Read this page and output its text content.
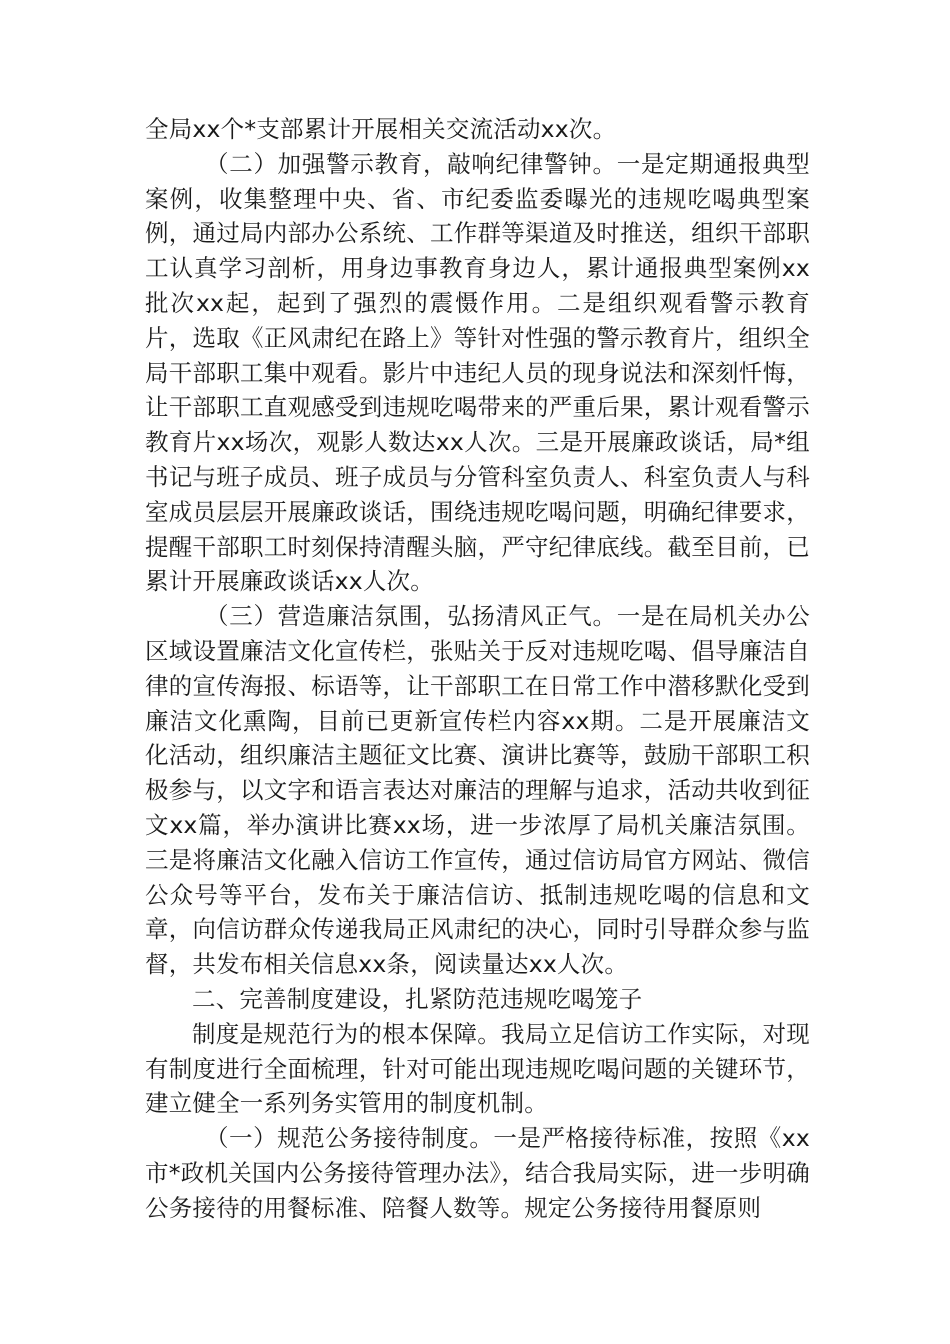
全局xx个*支部累计开展相关交流活动xx次。

（二）加强警示教育，敲响纪律警钟。一是定期通报典型案例，收集整理中央、省、市纪委监委曝光的违规吃喝典型案例，通过局内部办公系统、工作群等渠道及时推送，组织干部职工认真学习剖析，用身边事教育身边人，累计通报典型案例xx批次xx起，起到了强烈的震慑作用。二是组织观看警示教育片，选取《正风肃纪在路上》等针对性强的警示教育片，组织全局干部职工集中观看。影片中违纪人员的现身说法和深刻忏悔，让干部职工直观感受到违规吃喝带来的严重后果，累计观看警示教育片xx场次，观影人数达xx人次。三是开展廉政谈话，局*组书记与班子成员、班子成员与分管科室负责人、科室负责人与科室成员层层开展廉政谈话，围绕违规吃喝问题，明确纪律要求，提醒干部职工时刻保持清醒头脑，严守纪律底线。截至目前，已累计开展廉政谈话xx人次。

（三）营造廉洁氛围，弘扬清风正气。一是在局机关办公区域设置廉洁文化宣传栏，张贴关于反对违规吃喝、倡导廉洁自律的宣传海报、标语等，让干部职工在日常工作中潜移默化受到廉洁文化熏陶，目前已更新宣传栏内容xx期。二是开展廉洁文化活动，组织廉洁主题征文比赛、演讲比赛等，鼓励干部职工积极参与，以文字和语言表达对廉洁的理解与追求，活动共收到征文xx篇，举办演讲比赛xx场，进一步浓厚了局机关廉洁氛围。三是将廉洁文化融入信访工作宣传，通过信访局官方网站、微信公众号等平台，发布关于廉洁信访、抵制违规吃喝的信息和文章，向信访群众传递我局正风肃纪的决心，同时引导群众参与监督，共发布相关信息xx条，阅读量达xx人次。

二、完善制度建设，扎紧防范违规吃喝笼子

制度是规范行为的根本保障。我局立足信访工作实际，对现有制度进行全面梳理，针对可能出现违规吃喝问题的关键环节，建立健全一系列务实管用的制度机制。

（一）规范公务接待制度。一是严格接待标准，按照《xx市*政机关国内公务接待管理办法》，结合我局实际，进一步明确公务接待的用餐标准、陪餐人数等。规定公务接待用餐原则
